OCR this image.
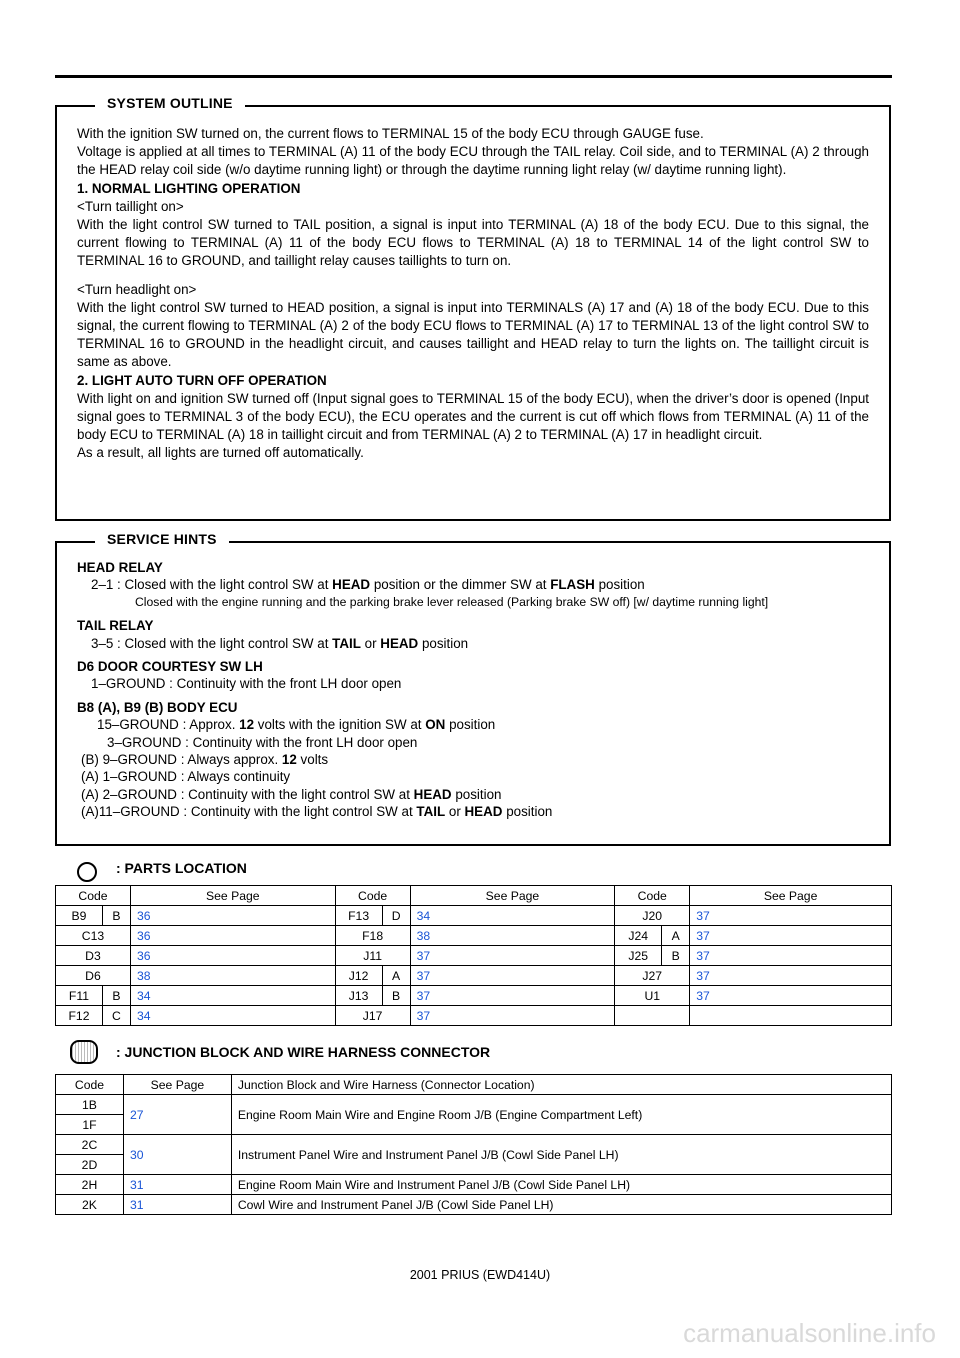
SYSTEM OUTLINE

With the ignition SW turned on, the current flows to TERMINAL 15 of the body ECU through GAUGE fuse.

Voltage is applied at all times to TERMINAL (A) 11 of the body ECU through the TAIL relay. Coil side, and to TERMINAL (A) 2 through the HEAD relay coil side (w/o daytime running light) or through the daytime running light relay (w/ daytime running light).

1. NORMAL LIGHTING OPERATION

<Turn taillight on>

With the light control SW turned to TAIL position, a signal is input into TERMINAL (A) 18 of the body ECU. Due to this signal, the current flowing to TERMINAL (A) 11 of the body ECU flows to TERMINAL (A) 18 to TERMINAL 14 of the light control SW to TERMINAL 16 to GROUND, and taillight relay causes taillights to turn on.

<Turn headlight on>

With the light control SW turned to HEAD position, a signal is input into TERMINALS (A) 17 and (A) 18 of the body ECU. Due to this signal, the current flowing to TERMINAL (A) 2 of the body ECU flows to TERMINAL (A) 17 to TERMINAL 13 of the light control SW to TERMINAL 16 to GROUND in the headlight circuit, and causes taillight and HEAD relay to turn the lights on. The taillight circuit is same as above.

2. LIGHT AUTO TURN OFF OPERATION

With light on and ignition SW turned off (Input signal goes to TERMINAL 15 of the body ECU), when the driver’s door is opened (Input signal goes to TERMINAL 3 of the body ECU), the ECU operates and the current is cut off which flows from TERMINAL (A) 11 of the body ECU to TERMINAL (A) 18 in taillight circuit and from TERMINAL (A) 2 to TERMINAL (A) 17 in headlight circuit.

As a result, all lights are turned off automatically.

SERVICE HINTS
HEAD RELAY
2–1 : Closed with the light control SW at HEAD position or the dimmer SW at FLASH position
Closed with the engine running and the parking brake lever released (Parking brake SW off) [w/ daytime running light]
TAIL RELAY
3–5 : Closed with the light control SW at TAIL or HEAD position
D6 DOOR COURTESY SW LH
1–GROUND : Continuity with the front LH door open
B8 (A), B9 (B) BODY ECU
15–GROUND : Approx. 12 volts with the ignition SW at ON position
3–GROUND : Continuity with the front LH door open
(B) 9–GROUND : Always approx. 12 volts
(A) 1–GROUND : Always continuity
(A) 2–GROUND : Continuity with the light control SW at HEAD position
(A)11–GROUND : Continuity with the light control SW at TAIL or HEAD position
: PARTS LOCATION
Code		See Page	Code		See Page	Code		See Page
B9	B	36	F13	D	34	J20		37
C13		36	F18		38	J24	A	37
D3		36	J11		37	J25	B	37
D6		38	J12	A	37	J27		37
F11	B	34	J13	B	37	U1		37
F12	C	34	J17		37			
: JUNCTION BLOCK AND WIRE HARNESS CONNECTOR
Code	See Page	Junction Block and Wire Harness (Connector Location)
1B	27	Engine Room Main Wire and Engine Room J/B (Engine Compartment Left)
1F		
2C	30	Instrument Panel Wire and Instrument Panel J/B (Cowl Side Panel LH)
2D		
2H	31	Engine Room Main Wire and Instrument Panel J/B (Cowl Side Panel LH)
2K	31	Cowl Wire and Instrument Panel J/B (Cowl Side Panel LH)
2001 PRIUS (EWD414U)
carmanualsonline.info
